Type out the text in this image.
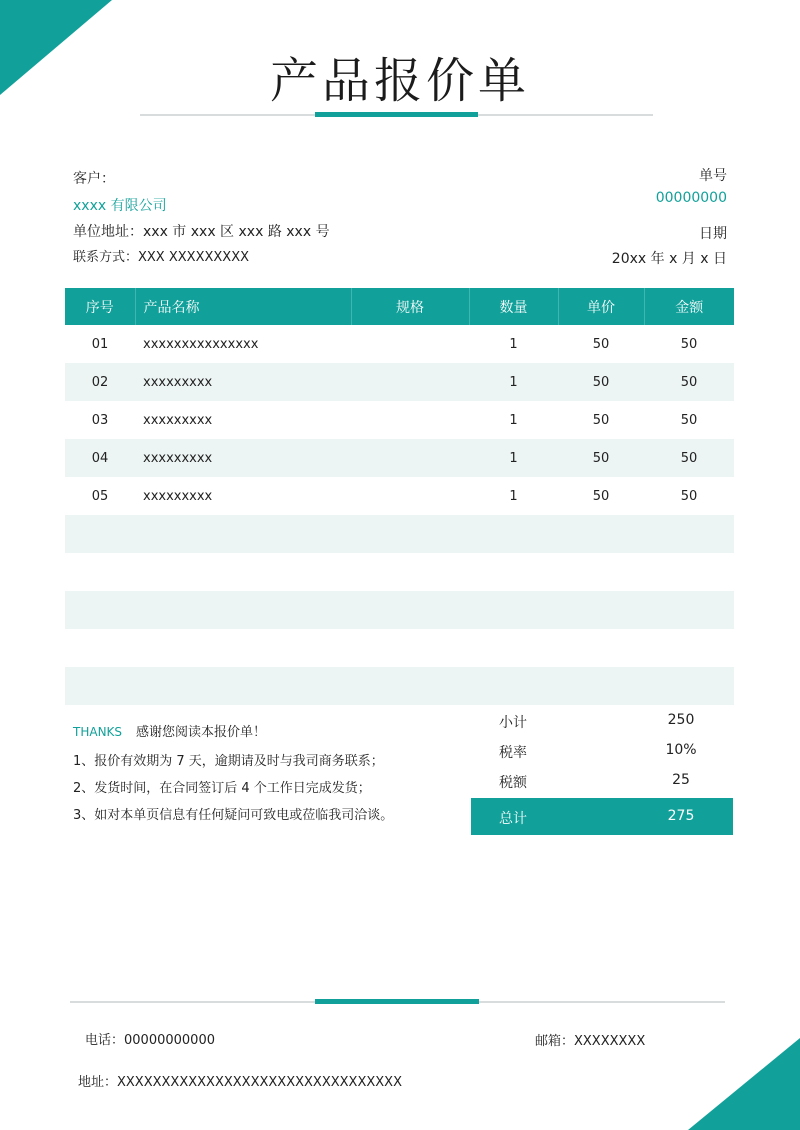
产品报价单
客户：
xxxx 有限公司
单位地址：xxx 市 xxx 区 xxx 路 xxx 号
联系方式：XXX XXXXXXXXX
单号
00000000
日期
20xx 年 x 月 x 日
序号	产品名称	规格	数量	单价	金额
01	xxxxxxxxxxxxxxx		1	50	50
02	xxxxxxxxx		1	50	50
03	xxxxxxxxx		1	50	50
04	xxxxxxxxx		1	50	50
05	xxxxxxxxx		1	50	50

THANKS 感谢您阅读本报价单！
1、报价有效期为 7 天，逾期请及时与我司商务联系；
2、发货时间，在合同签订后 4 个工作日完成发货；
3、如对本单页信息有任何疑问可致电或莅临我司洽谈。
小计	250
税率	10%
税额	25
总计	275
电话：00000000000	邮箱：XXXXXXXX
地址：XXXXXXXXXXXXXXXXXXXXXXXXXXXXXXXX
